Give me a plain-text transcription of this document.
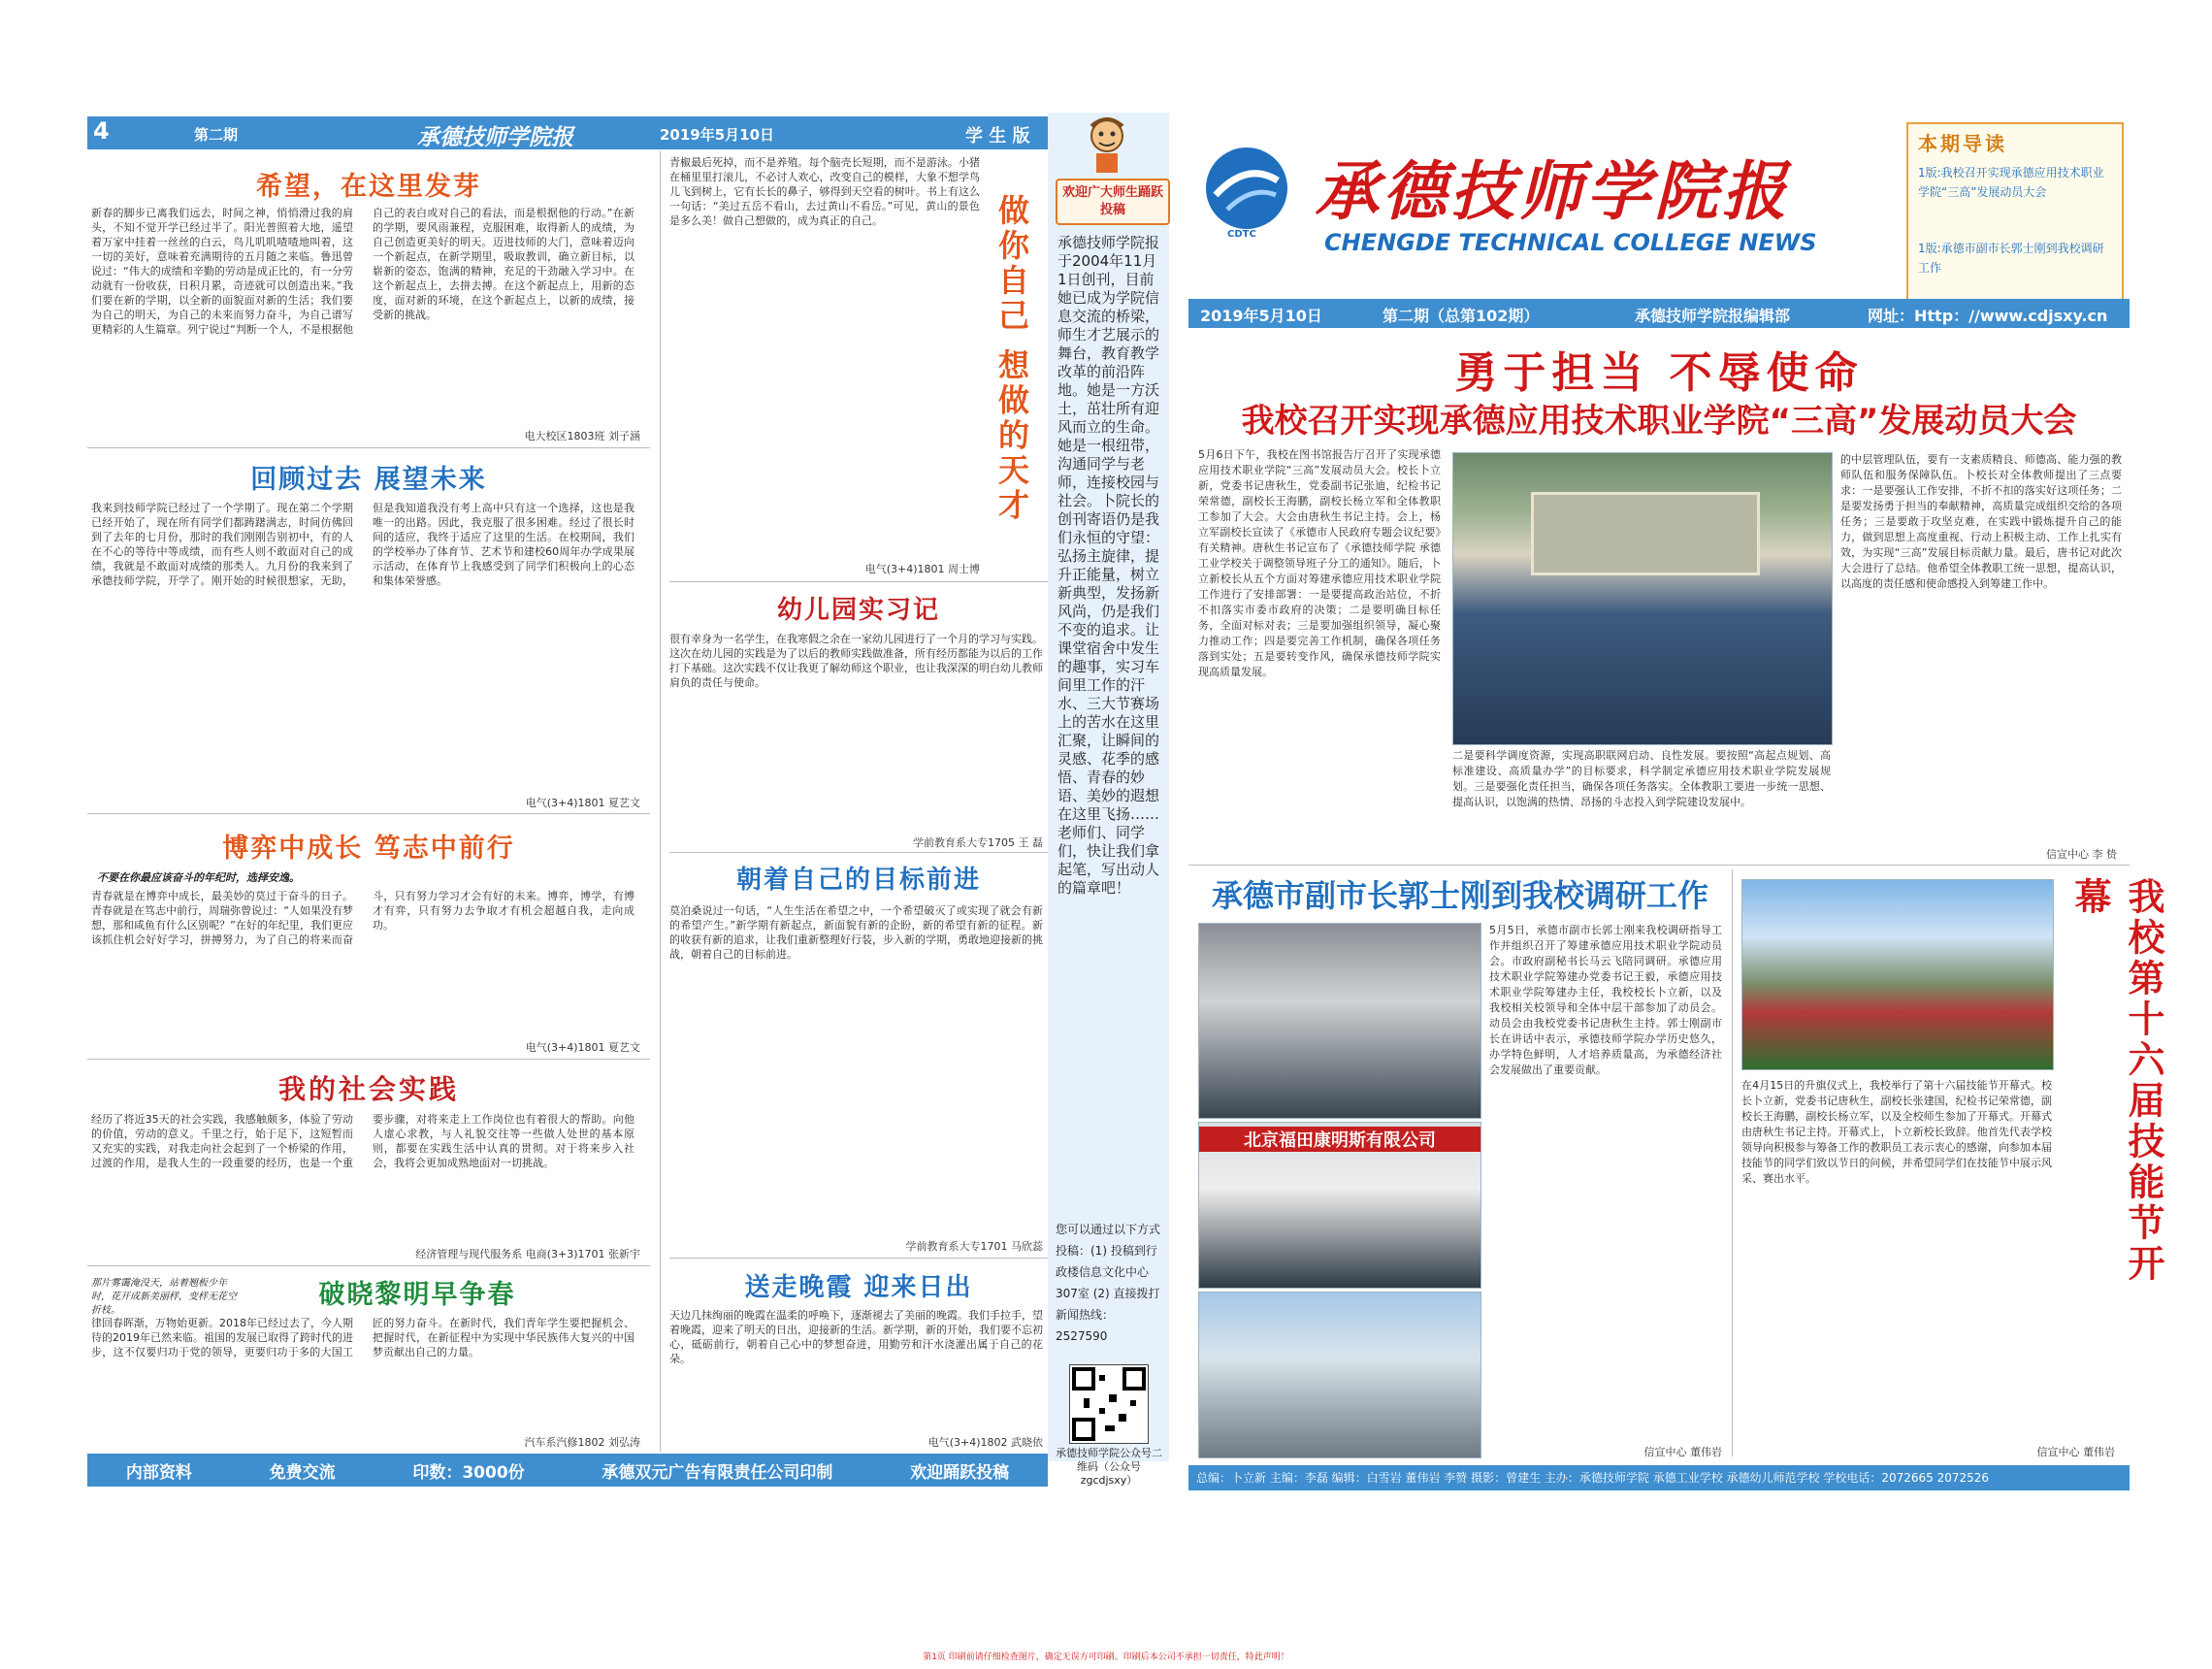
4	第二期	承德技师学院报	2019年5月10日	学 生 版
希望，在这里发芽
新春的脚步已离我们远去，时间之神，悄悄滑过我的肩头，不知不觉开学已经过半了。阳光普照着大地，遥望着万家中挂着一丝丝的白云，鸟儿叽叽喳喳地叫着，这一切的美好，意味着充满期待的五月随之来临。鲁迅曾说过：“伟大的成绩和辛勤的劳动是成正比的，有一分劳动就有一份收获，日积月累，奇迹就可以创造出来。”我们要在新的学期，以全新的面貌面对新的生活；我们要为自己的明天，为自己的未来而努力奋斗，为自己谱写更精彩的人生篇章。列宁说过“判断一个人，不是根据他自己的表白或对自己的看法，而是根据他的行动。”在新的学期，要风雨兼程，克服困难，取得新人的成绩，为自己创造更美好的明天。迈进技师的大门，意味着迈向一个新起点，在新学期里，吸取教训，确立新目标，以崭新的姿态，饱满的精神，充足的干劲融入学习中。在这个新起点上，去拼去搏。在这个新起点上，用新的态度，面对新的环境，在这个新起点上，以新的成绩，接受新的挑战。
电大校区1803班 刘子涵
回顾过去 展望未来
我来到技师学院已经过了一个学期了。现在第二个学期已经开始了，现在所有同学们都踌躇满志，时间仿佛回到了去年的七月份，那时的我们刚刚告别初中，有的人在不心的等待中等成绩，而有些人则不敢面对自己的成绩，我就是不敢面对成绩的那类人。九月份的我来到了承德技师学院，开学了。刚开始的时候很想家，无助，但是我知道我没有考上高中只有这一个选择，这也是我唯一的出路。因此，我克服了很多困难。经过了很长时间的适应，我终于适应了这里的生活。在校期间，我们的学校举办了体育节、艺术节和建校60周年办学成果展示活动，在体育节上我感受到了同学们积极向上的心态和集体荣誉感。
电气(3+4)1801 夏艺文
博弈中成长 笃志中前行
不要在你最应该奋斗的年纪时，选择安逸。
青春就是在博弈中成长，最美妙的莫过于奋斗的日子。青春就是在笃志中前行，周瑞弥曾说过：“人如果没有梦想，那和咸鱼有什么区别呢？”在好的年纪里，我们更应该抓住机会好好学习，拼搏努力，为了自己的将来而奋斗，只有努力学习才会有好的未来。博弈，博学，有博才有弈，只有努力去争取才有机会超越自我，走向成功。
电气(3+4)1801 夏艺文
我的社会实践
经历了将近35天的社会实践，我感触颇多，体验了劳动的价值，劳动的意义。千里之行，始于足下，这短暂而又充实的实践，对我走向社会起到了一个桥梁的作用，过渡的作用，是我人生的一段重要的经历，也是一个重要步骤，对将来走上工作岗位也有着很大的帮助。向他人虚心求教，与人礼貌交往等一些做人处世的基本原则，都要在实践生活中认真的贯彻。对于将来步入社会，我将会更加成熟地面对一切挑战。
经济管理与现代服务系 电商(3+3)1701 张新宇
破晓黎明早争春
那片雾霭淹没天，站着翘板少年时，花开成新美丽样，变样无花空折枝。
律回春晖渐，万物始更新。2018年已经过去了，今人期待的2019年已然来临。祖国的发展已取得了跨时代的进步，这不仅要归功于党的领导，更要归功于多的大国工匠的努力奋斗。在新时代，我们青年学生要把握机会、把握时代，在新征程中为实现中华民族伟大复兴的中国梦贡献出自己的力量。
汽车系汽修1802 刘弘涛
青椒最后死掉，而不是养殖。每个脑壳长短期，而不是游泳。小猪在桶里里打滚儿，不必讨人欢心，改变自己的模样，大象不想学鸟儿飞到树上，它有长长的鼻子，够得到天空看的树叶。书上有这么一句话：“美过五岳不看山，去过黄山不看岳。”可见，黄山的景色是多么美！做自己想做的，成为真正的自己。	做你自己 想做的天才
电气(3+4)1801 周士博
幼儿园实习记
很有幸身为一名学生，在我寒假之余在一家幼儿园进行了一个月的学习与实践。这次在幼儿园的实践是为了以后的教师实践做准备，所有经历都能为以后的工作打下基础。这次实践不仅让我更了解幼师这个职业，也让我深深的明白幼儿教师肩负的责任与使命。
学前教育系大专1705 王 磊
朝着自己的目标前进
莫泊桑说过一句话，“人生生活在希望之中，一个希望破灭了或实现了就会有新的希望产生。”新学期有新起点，新面貌有新的企盼，新的希望有新的征程。新的收获有新的追求，让我们重新整理好行装，步入新的学期，勇敢地迎接新的挑战，朝着自己的目标前进。
学前教育系大专1701 马欣蕊
送走晚霞 迎来日出
天边几抹绚丽的晚霞在温柔的呼唤下，逐渐褪去了美丽的晚霞。我们手拉手，望着晚霞，迎来了明天的日出，迎接新的生活。新学期，新的开始，我们要不忘初心，砥砺前行，朝着自己心中的梦想奋进，用勤劳和汗水浇灌出属于自己的花朵。
电气(3+4)1802 武晓依
内部资料	免费交流	印数：3000份	承德双元广告有限责任公司印制	欢迎踊跃投稿
欢迎广大师生踊跃投稿
承德技师学院报于2004年11月1日创刊，目前她已成为学院信息交流的桥梁，师生才艺展示的舞台，教育教学改革的前沿阵地。她是一方沃土，茁壮所有迎风而立的生命。她是一根纽带，沟通同学与老师，连接校园与社会。卜院长的创刊寄语仍是我们永恒的守望：弘扬主旋律，提升正能量，树立新典型，发扬新风尚，仍是我们不变的追求。让课堂宿舍中发生的趣事，实习车间里工作的汗水、三大节赛场上的苦水在这里汇聚，让瞬间的灵感、花季的感悟、青春的妙语、美妙的遐想在这里飞扬……老师们、同学们，快让我们拿起笔，写出动人的篇章吧！
您可以通过以下方式投稿：(1) 投稿到行政楼信息文化中心307室 (2) 直接拨打新闻热线：2527590
承德技师学院公众号二维码（公众号 zgcdjsxy）
CDTC
承德技师学院报
CHENGDE TECHNICAL COLLEGE NEWS
本期导读
1版:我校召开实现承德应用技术职业学院“三高”发展动员大会
1版:承德市副市长郭士刚到我校调研工作
2019年5月10日	第二期（总第102期）	承德技师学院报编辑部	网址：Http：//www.cdjsxy.cn
勇于担当 不辱使命
我校召开实现承德应用技术职业学院“三高”发展动员大会
5月6日下午，我校在图书馆报告厅召开了实现承德应用技术职业学院“三高”发展动员大会。校长卜立新，党委书记唐秋生，党委副书记张迪，纪检书记荣常德，副校长王海鹏，副校长杨立军和全体教职工参加了大会。大会由唐秋生书记主持。会上，杨立军副校长宣读了《承德市人民政府专题会议纪要》有关精神。唐秋生书记宣布了《承德技师学院 承德工业学校关于调整领导班子分工的通知》。随后，卜立新校长从五个方面对筹建承德应用技术职业学院工作进行了安排部署：一是要提高政治站位，不折不扣落实市委市政府的决策；二是要明确目标任务，全面对标对表；三是要加强组织领导，凝心聚力推动工作；四是要完善工作机制，确保各项任务落到实处；五是要转变作风，确保承德技师学院实现高质量发展。
二是要科学调度资源，实现高职联网启动、良性发展。要按照“高起点规划、高标准建设、高质量办学”的目标要求，科学制定承德应用技术职业学院发展规划。三是要强化责任担当，确保各项任务落实。全体教职工要进一步统一思想、提高认识，以饱满的热情、昂扬的斗志投入到学院建设发展中。
的中层管理队伍，要有一支素质精良、师德高、能力强的教师队伍和服务保障队伍。卜校长对全体教师提出了三点要求：一是要强认工作安排，不折不扣的落实好这项任务；二是要发扬勇于担当的奉献精神，高质量完成组织交给的各项任务；三是要敢于攻坚克难，在实践中锻炼提升自己的能力，做到思想上高度重视、行动上积极主动、工作上扎实有效，为实现“三高”发展目标贡献力量。最后，唐书记对此次大会进行了总结。他希望全体教职工统一思想，提高认识，以高度的责任感和使命感投入到筹建工作中。
信宣中心 李 贽
承德市副市长郭士刚到我校调研工作
5月5日，承德市副市长郭士刚来我校调研指导工作并组织召开了筹建承德应用技术职业学院动员会。市政府副秘书长马云飞陪同调研。承德应用技术职业学院筹建办党委书记王毅，承德应用技术职业学院筹建办主任，我校校长卜立新，以及我校相关校领导和全体中层干部参加了动员会。动员会由我校党委书记唐秋生主持。郭士刚副市长在讲话中表示，承德技师学院办学历史悠久，办学特色鲜明，人才培养质量高，为承德经济社会发展做出了重要贡献。
北京福田康明斯有限公司
信宣中心 董伟岩
我校第十六届技能节开幕
在4月15日的升旗仪式上，我校举行了第十六届技能节开幕式。校长卜立新，党委书记唐秋生，副校长张建国，纪检书记荣常德，副校长王海鹏，副校长杨立军，以及全校师生参加了开幕式。开幕式由唐秋生书记主持。开幕式上，卜立新校长致辞。他首先代表学校领导向积极参与筹备工作的教职员工表示衷心的感谢，向参加本届技能节的同学们致以节日的问候，并希望同学们在技能节中展示风采、赛出水平。
信宣中心 董伟岩
总编：卜立新 主编：李磊 编辑：白雪岩 董伟岩 李赞 摄影：曾建生 主办：承德技师学院 承德工业学校 承德幼儿师范学校 学校电话：2072665 2072526
第1页 印刷前请仔细检查图片，确定无误方可印刷。印刷后本公司不承担一切责任，特此声明！
